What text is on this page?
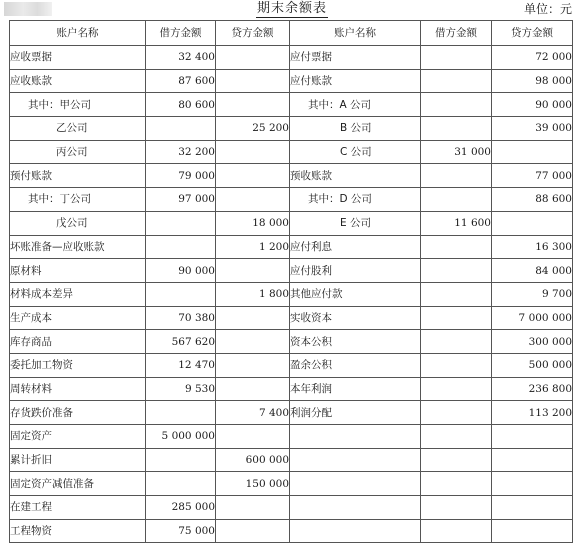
期末余额表	单位：元
账户名称	借方金额	贷方金额	账户名称	借方金额	贷方金额
应收票据	32 400		应付票据		72 000
应收账款	87 600		应付账款		98 000
其中：甲公司	80 600		其中：A 公司		90 000
乙公司		25 200	B 公司		39 000
丙公司	32 200		C 公司	31 000	
预付账款	79 000		预收账款		77 000
其中：丁公司	97 000		其中：D 公司		88 600
戊公司		18 000	E 公司	11 600	
坏账准备—应收账款		1 200	应付利息		16 300
原材料	90 000		应付股利		84 000
材料成本差异		1 800	其他应付款		9 700
生产成本	70 380		实收资本		7 000 000
库存商品	567 620		资本公积		300 000
委托加工物资	12 470		盈余公积		500 000
周转材料	9 530		本年利润		236 800
存货跌价准备		7 400	利润分配		113 200
固定资产	5 000 000				
累计折旧		600 000			
固定资产减值准备		150 000			
在建工程	285 000				
工程物资	75 000				
